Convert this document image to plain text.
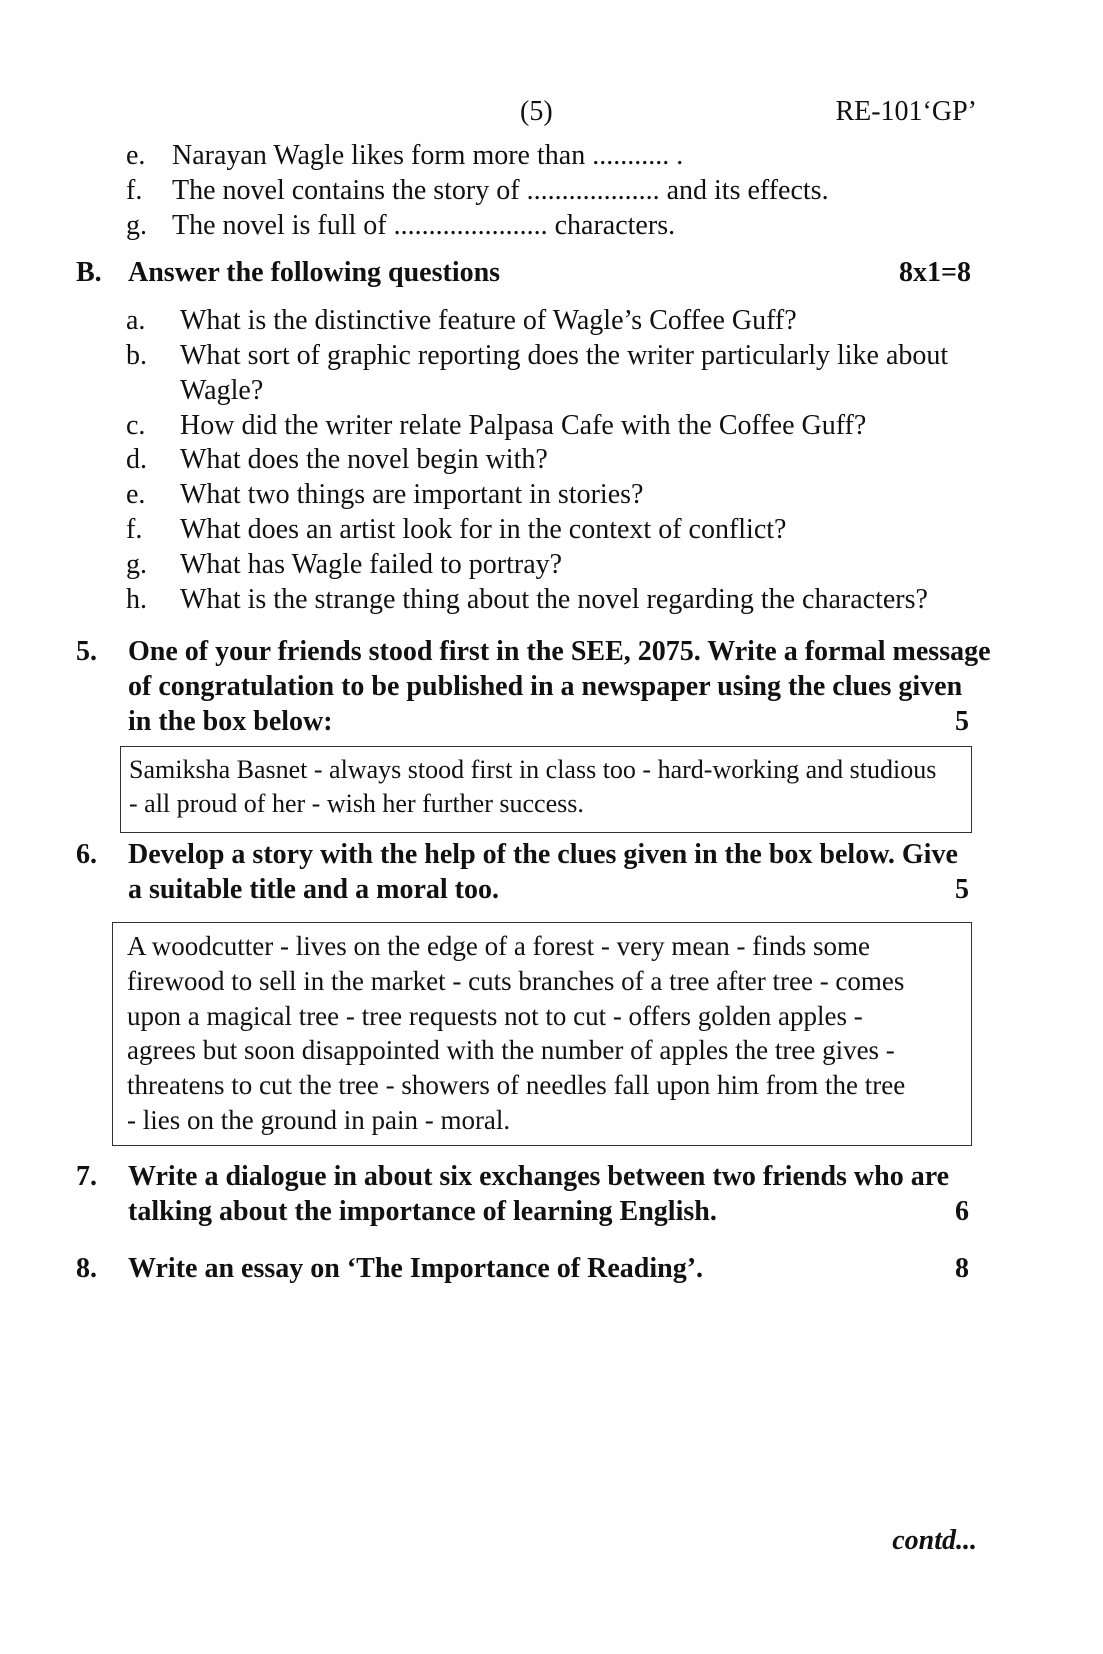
(5)	RE-101‘GP’
e. Narayan Wagle likes form more than ........... .
f. The novel contains the story of ................... and its effects.
g. The novel is full of ...................... characters.
B. Answer the following questions	8x1=8
a. What is the distinctive feature of Wagle’s Coffee Guff?
b. What sort of graphic reporting does the writer particularly like about
Wagle?
c. How did the writer relate Palpasa Cafe with the Coffee Guff?
d. What does the novel begin with?
e. What two things are important in stories?
f. What does an artist look for in the context of conflict?
g. What has Wagle failed to portray?
h. What is the strange thing about the novel regarding the characters?
5. One of your friends stood first in the SEE, 2075. Write a formal message
of congratulation to be published in a newspaper using the clues given
in the box below:	5
Samiksha Basnet - always stood first in class too - hard-working and studious
- all proud of her - wish her further success.
6. Develop a story with the help of the clues given in the box below. Give
a suitable title and a moral too.	5
A woodcutter - lives on the edge of a forest - very mean - finds some
firewood to sell in the market - cuts branches of a tree after tree - comes
upon a magical tree - tree requests not to cut - offers golden apples -
agrees but soon disappointed with the number of apples the tree gives -
threatens to cut the tree - showers of needles fall upon him from the tree
- lies on the ground in pain - moral.
7. Write a dialogue in about six exchanges between two friends who are
talking about the importance of learning English.	6
8. Write an essay on ‘The Importance of Reading’.	8
contd...
